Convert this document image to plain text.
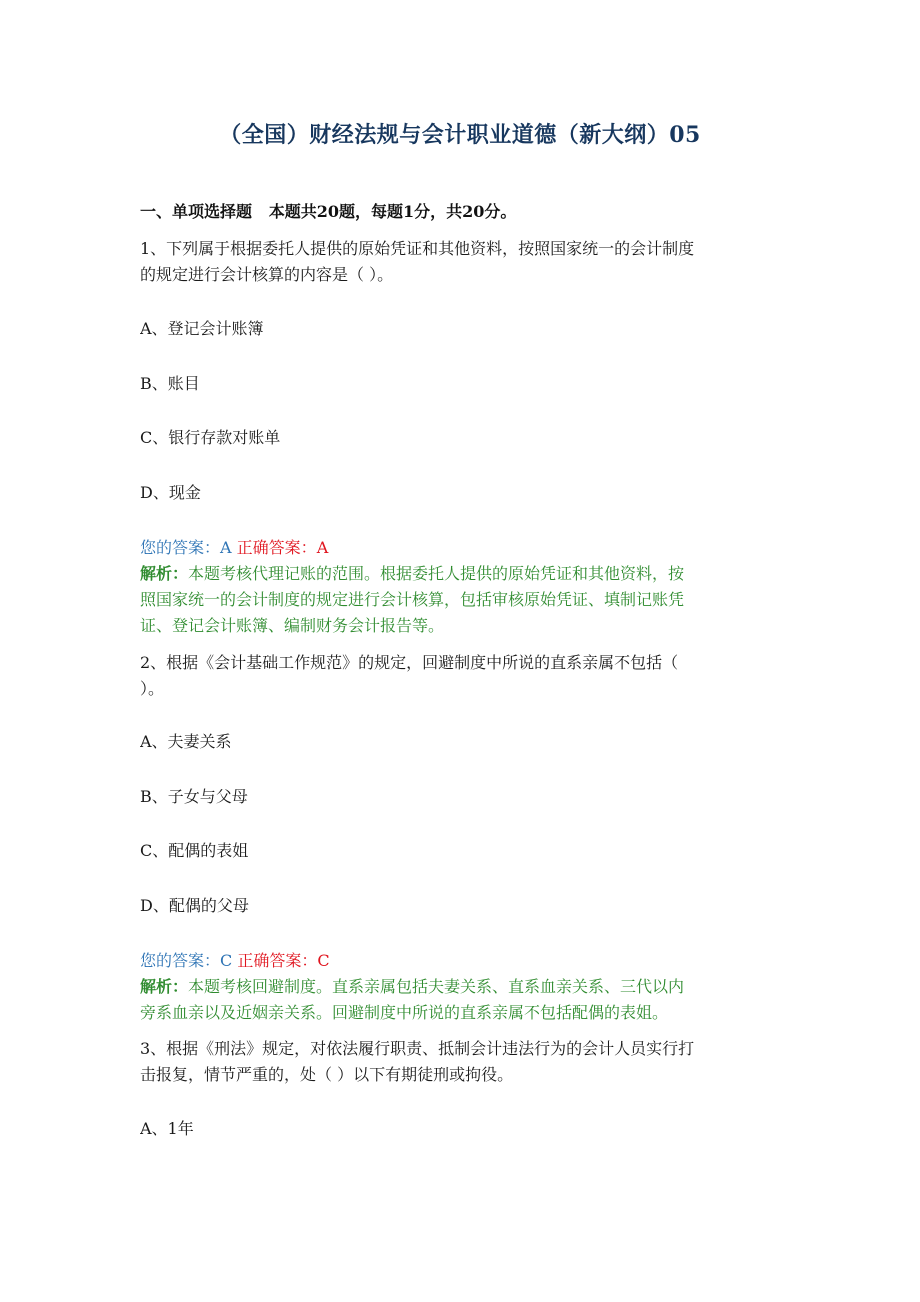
（全国）财经法规与会计职业道德（新大纲）05
一、单项选择题 本题共20题，每题1分，共20分。
1、下列属于根据委托人提供的原始凭证和其他资料，按照国家统一的会计制度
的规定进行会计核算的内容是（ ）。
A、登记会计账簿
B、账目
C、银行存款对账单
D、现金
您的答案：A 正确答案：A
解析：本题考核代理记账的范围。根据委托人提供的原始凭证和其他资料，按
照国家统一的会计制度的规定进行会计核算，包括审核原始凭证、填制记账凭
证、登记会计账簿、编制财务会计报告等。
2、根据《会计基础工作规范》的规定，回避制度中所说的直系亲属不包括（
）。
A、夫妻关系
B、子女与父母
C、配偶的表姐
D、配偶的父母
您的答案：C 正确答案：C
解析：本题考核回避制度。直系亲属包括夫妻关系、直系血亲关系、三代以内
旁系血亲以及近姻亲关系。回避制度中所说的直系亲属不包括配偶的表姐。
3、根据《刑法》规定，对依法履行职责、抵制会计违法行为的会计人员实行打
击报复，情节严重的，处（ ）以下有期徒刑或拘役。
A、1年
